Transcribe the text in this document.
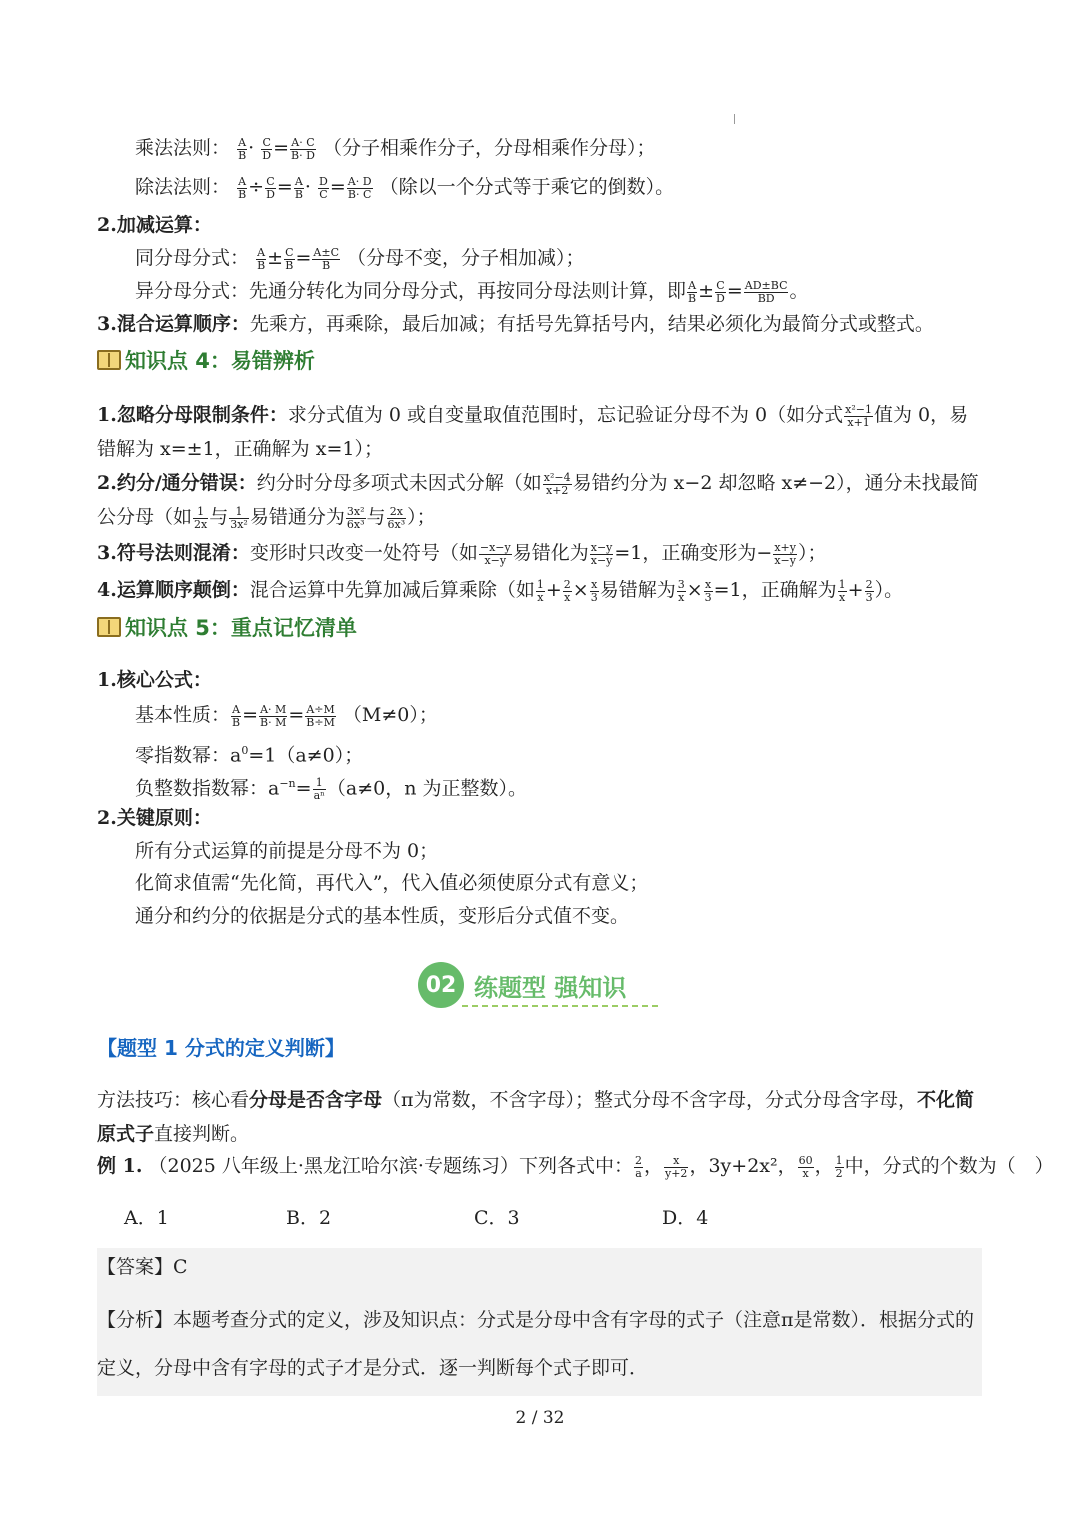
乘法法则： $\frac{A}{B} \cdot \frac{C}{D} = \frac{A\cdot C}{B\cdot D}$ （分子相乘作分子，分母相乘作分母）；
除法法则： $\frac{A}{B} \div \frac{C}{D} = \frac{A}{B} \cdot \frac{D}{C} = \frac{A\cdot D}{B\cdot C}$ （除以一个分式等于乘它的倒数）。
2.加减运算：
同分母分式： $\frac{A}{B} \pm \frac{C}{B} = \frac{A\pm C}{B}$ （分母不变，分子相加减）；
异分母分式：先通分转化为同分母分式，再按同分母法则计算，即 $\frac{A}{B} \pm \frac{C}{D} = \frac{AD\pm BC}{BD}$ 。
3.混合运算顺序：先乘方，再乘除，最后加减；有括号先算括号内，结果必须化为最简分式或整式。
知识点 4：易错辨析
1.忽略分母限制条件：求分式值为 0 或自变量取值范围时，忘记验证分母不为 0（如分式 $\frac{\text{x²−1}}{x+1}$ 值为 0，易错解为 x=±1，正确解为 x=1）；
2.约分/通分错误：约分时分母多项式未因式分解（如 $\frac{\text{x²−4}}{x+2}$ 易错约分为 x−2 却忽略 x≠−2），通分未找最简公分母（如 $\frac{1}{2x}$ 与 $\frac{1}{\text{3x²}}$ 易错通分为 $\frac{\text{3x²}}{\text{6x³}}$ 与 $\frac{2x}{\text{6x³}}$ ）；
3.符号法则混淆：变形时只改变一处符号（如 $\frac{-x-y}{x-y}$ 易错化为 $\frac{x-y}{x-y} =1$，正确变形为− $\frac{x+y}{x-y}$ ）；
4.运算顺序颠倒：混合运算中先算加减后算乘除（如 $\frac{1}{x} + \frac{2}{x} \times \frac{x}{3}$ 易错解为 $\frac{3}{x} \times \frac{x}{3} =1$，正确解为 $\frac{1}{x} + \frac{2}{3}$ ）。
知识点 5：重点记忆清单
1.核心公式：
基本性质： $\frac{A}{B} = \frac{A\cdot M}{B\cdot M} = \frac{A\div M}{B\div M} (M\ne 0)$；
零指数幂：$a^0=1(a\ne 0)$；
负整数指数幂：$a^{-n}= \frac{1}{\text{aⁿ}} (a\ne 0$，n 为正整数）。
2.关键原则：
所有分式运算的前提是分母不为 0；
化简求值需“先化简，再代入”，代入值必须使原分式有意义；
通分和约分的依据是分式的基本性质，变形后分式值不变。
02 练题型 强知识
【题型 1 分式的定义判断】
方法技巧：核心看分母是否含字母（π为常数，不含字母）；整式分母不含字母，分式分母含字母，不化简原式子直接判断。
例 1. （2025 八年级上·黑龙江哈尔滨·专题练习）下列各式中： $\frac{2}{a}$ ， $\frac{x}{y+2}$ ，3y+2x²， $\frac{60}{x}$ ， $\frac{1}{2}$ 中，分式的个数为（　）
A．1	B．2	C．3	D．4
【答案】C
【分析】本题考查分式的定义，涉及知识点：分式是分母中含有字母的式子（注意π是常数）．根据分式的定义，分母中含有字母的式子才是分式．逐一判断每个式子即可．
2 / 32
